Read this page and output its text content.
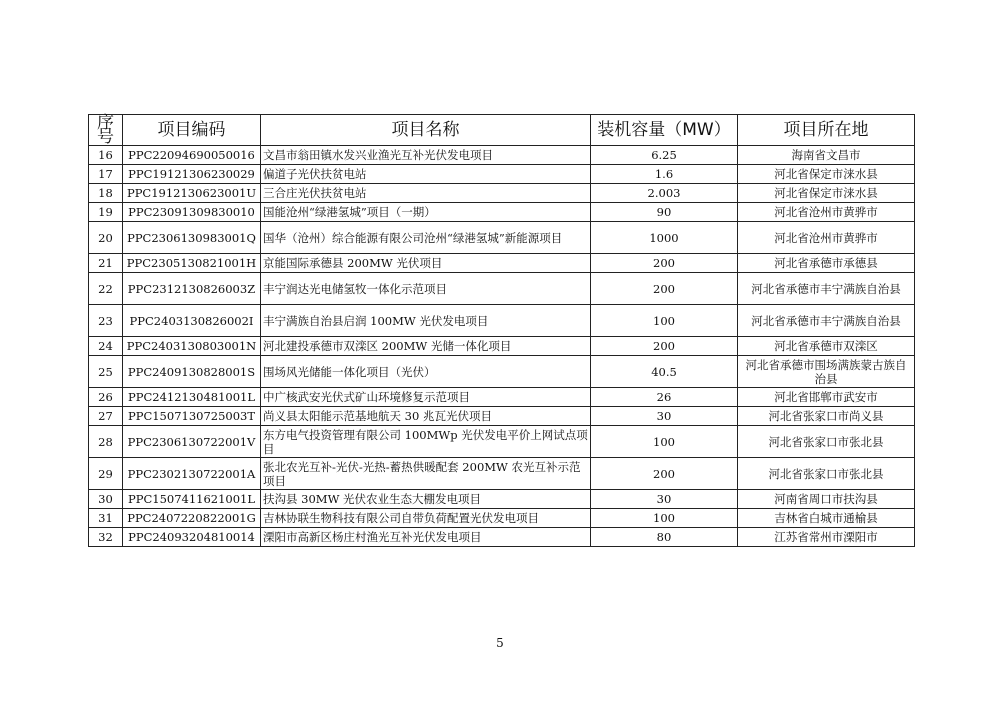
序号	项目编码	项目名称	装机容量（MW）	项目所在地
16	PPC22094690050016	文昌市翁田镇水发兴业渔光互补光伏发电项目	6.25	海南省文昌市
17	PPC19121306230029	偏道子光伏扶贫电站	1.6	河北省保定市涞水县
18	PPC1912130623001U	三合庄光伏扶贫电站	2.003	河北省保定市涞水县
19	PPC23091309830010	国能沧州“绿港氢城”项目（一期）	90	河北省沧州市黄骅市
20	PPC2306130983001Q	国华（沧州）综合能源有限公司沧州“绿港氢城”新能源项目	1000	河北省沧州市黄骅市
21	PPC2305130821001H	京能国际承德县 200MW 光伏项目	200	河北省承德市承德县
22	PPC2312130826003Z	丰宁润达光电储氢牧一体化示范项目	200	河北省承德市丰宁满族自治县
23	PPC2403130826002I	丰宁满族自治县启润 100MW 光伏发电项目	100	河北省承德市丰宁满族自治县
24	PPC2403130803001N	河北建投承德市双滦区 200MW 光储一体化项目	200	河北省承德市双滦区
25	PPC2409130828001S	围场风光储能一体化项目（光伏）	40.5	河北省承德市围场满族蒙古族自治县
26	PPC2412130481001L	中广核武安光伏式矿山环境修复示范项目	26	河北省邯郸市武安市
27	PPC1507130725003T	尚义县太阳能示范基地航天 30 兆瓦光伏项目	30	河北省张家口市尚义县
28	PPC2306130722001V	东方电气投资管理有限公司 100MWp 光伏发电平价上网试点项目	100	河北省张家口市张北县
29	PPC2302130722001A	张北农光互补-光伏-光热-蓄热供暖配套 200MW 农光互补示范项目	200	河北省张家口市张北县
30	PPC1507411621001L	扶沟县 30MW 光伏农业生态大棚发电项目	30	河南省周口市扶沟县
31	PPC2407220822001G	吉林协联生物科技有限公司自带负荷配置光伏发电项目	100	吉林省白城市通榆县
32	PPC24093204810014	溧阳市高新区杨庄村渔光互补光伏发电项目	80	江苏省常州市溧阳市
5
